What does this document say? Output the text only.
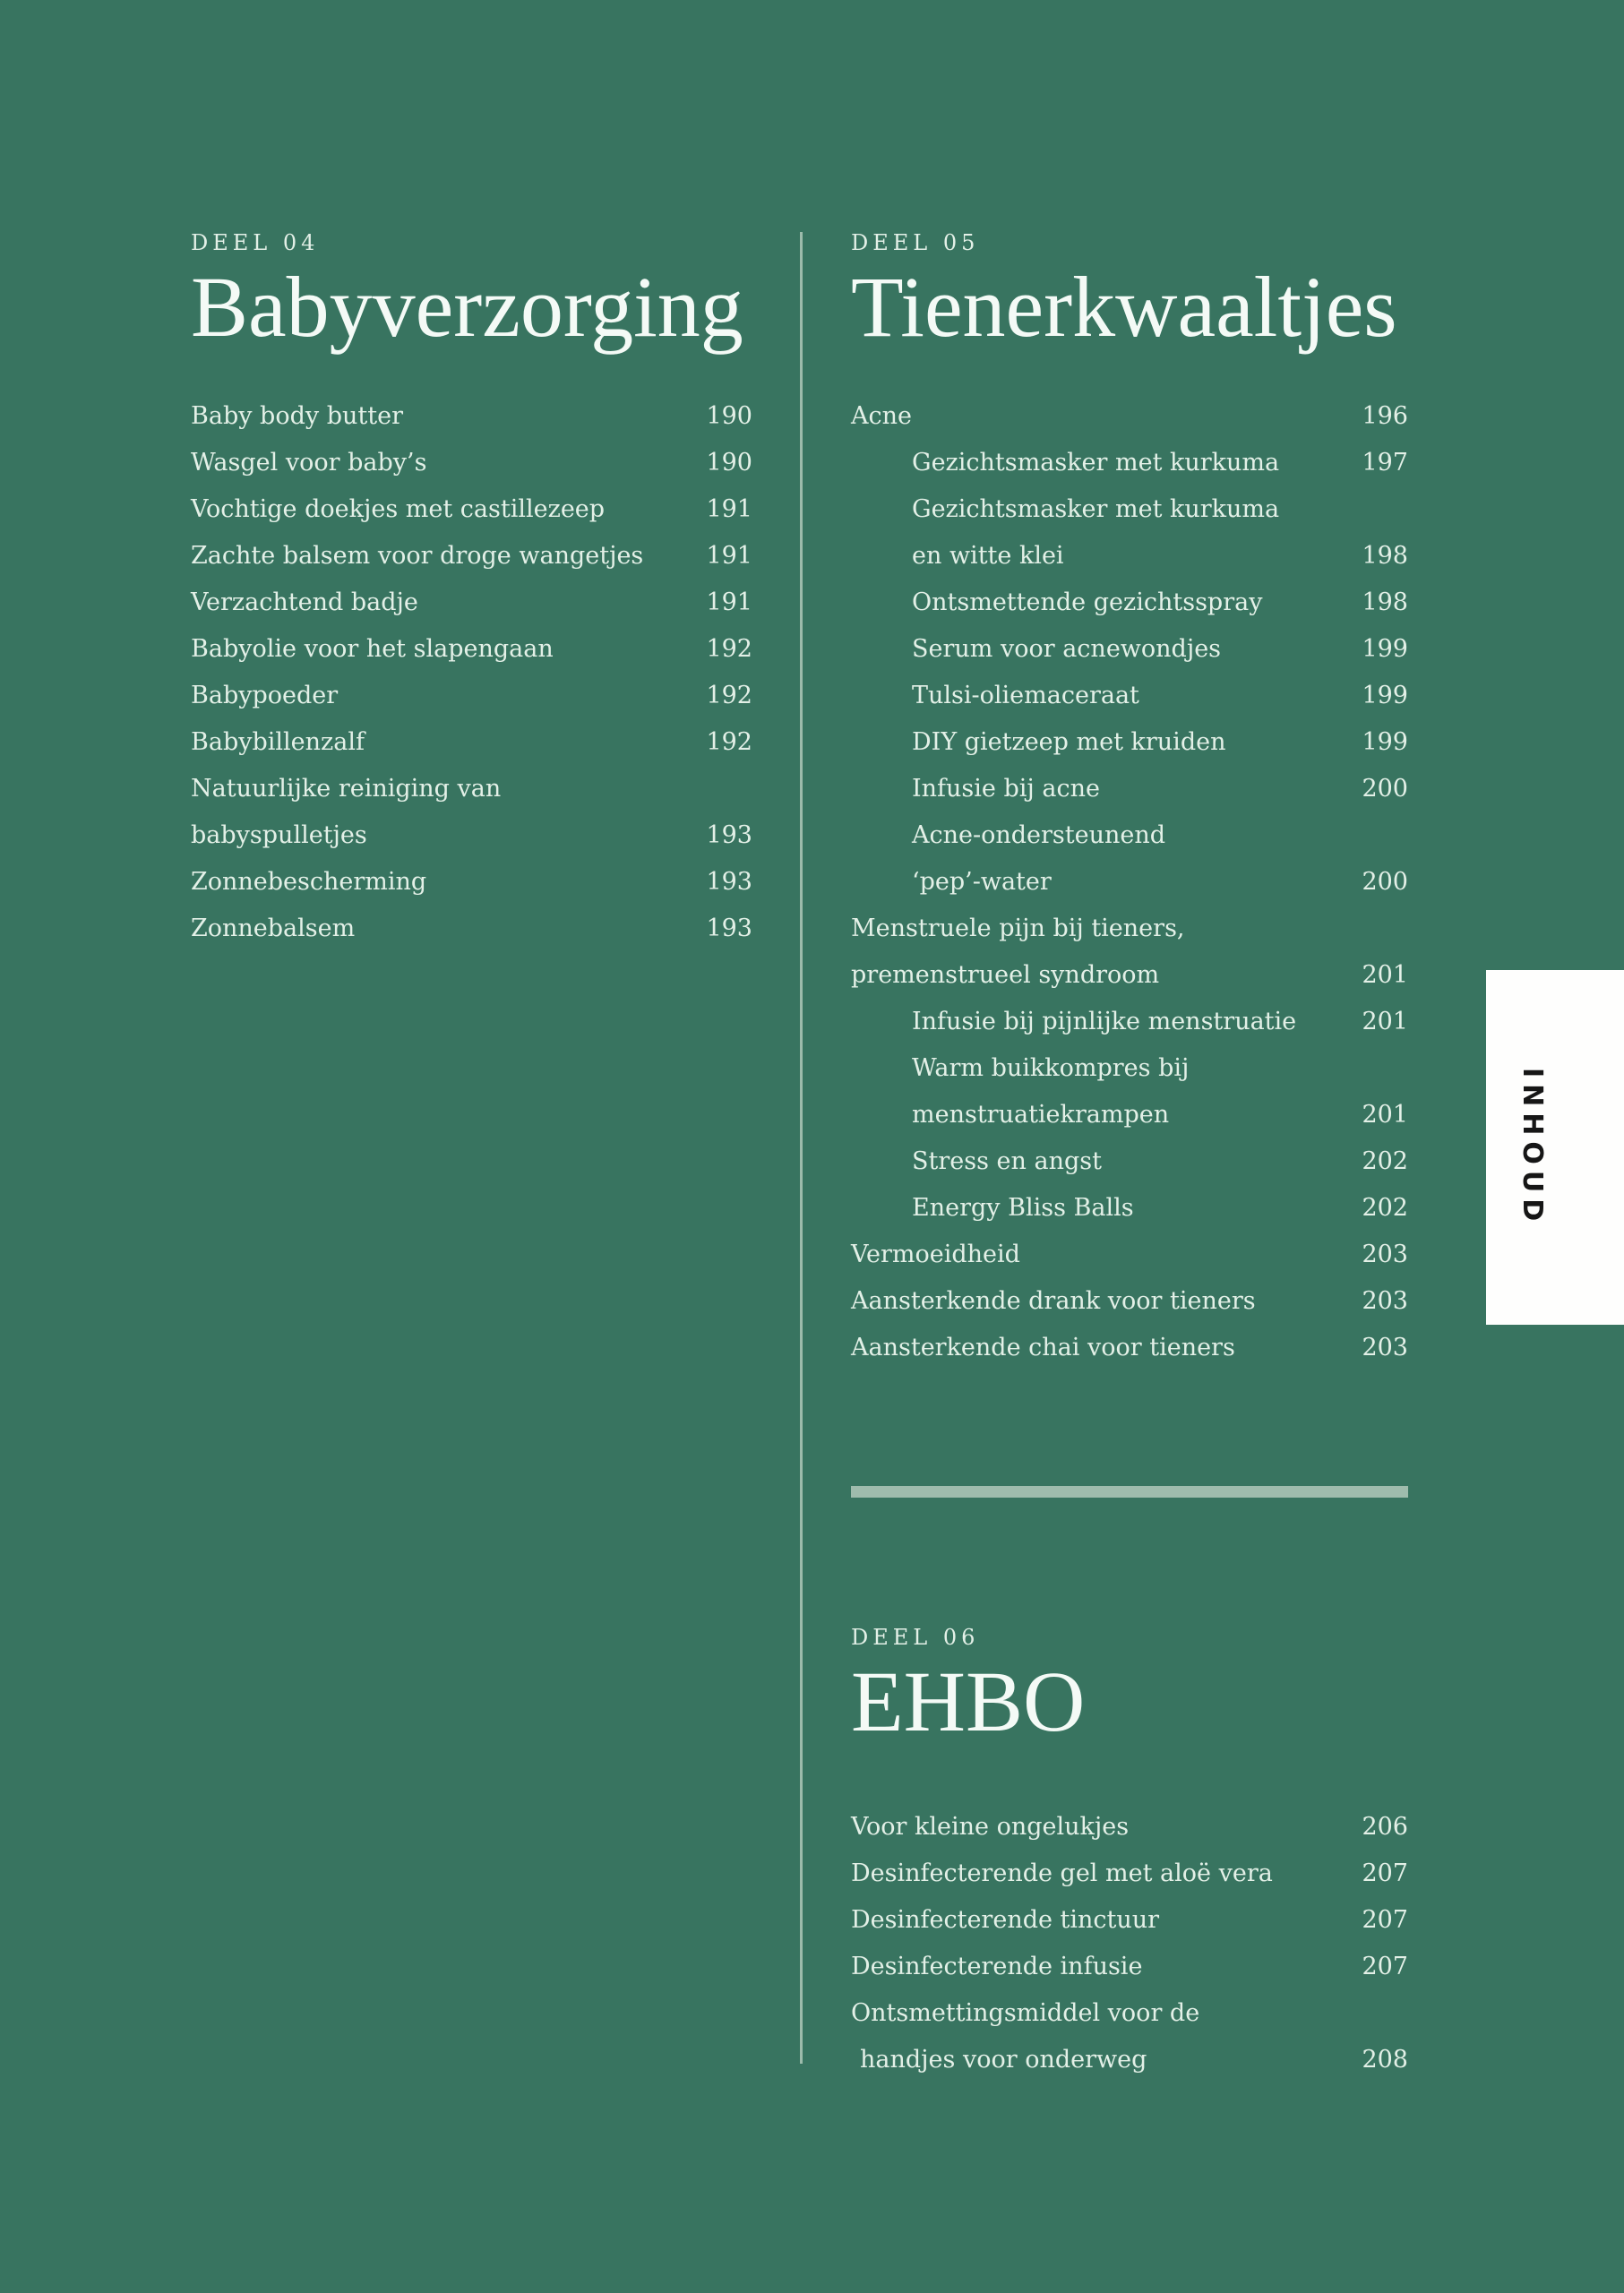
DEEL 04
Babyverzorging
Baby body butter	190
Wasgel voor baby’s	190
Vochtige doekjes met castillezeep	191
Zachte balsem voor droge wangetjes	191
Verzachtend badje	191
Babyolie voor het slapengaan	192
Babypoeder	192
Babybillenzalf	192
Natuurlijke reiniging van
babyspulletjes	193
Zonnebescherming	193
Zonnebalsem	193
DEEL 05
Tienerkwaaltjes
Acne	196
Gezichtsmasker met kurkuma	197
Gezichtsmasker met kurkuma
en witte klei	198
Ontsmettende gezichtsspray	198
Serum voor acnewondjes	199
Tulsi-oliemaceraat	199
DIY gietzeep met kruiden	199
Infusie bij acne	200
Acne-ondersteunend
‘pep’-water	200
Menstruele pijn bij tieners,
premenstrueel syndroom	201
Infusie bij pijnlijke menstruatie	201
Warm buikkompres bij
menstruatiekrampen	201
Stress en angst	202
Energy Bliss Balls	202
Vermoeidheid	203
Aansterkende drank voor tieners	203
Aansterkende chai voor tieners	203
DEEL 06
EHBO
Voor kleine ongelukjes	206
Desinfecterende gel met aloë vera	207
Desinfecterende tinctuur	207
Desinfecterende infusie	207
Ontsmettingsmiddel voor de
handjes voor onderweg	208
INHOUD
